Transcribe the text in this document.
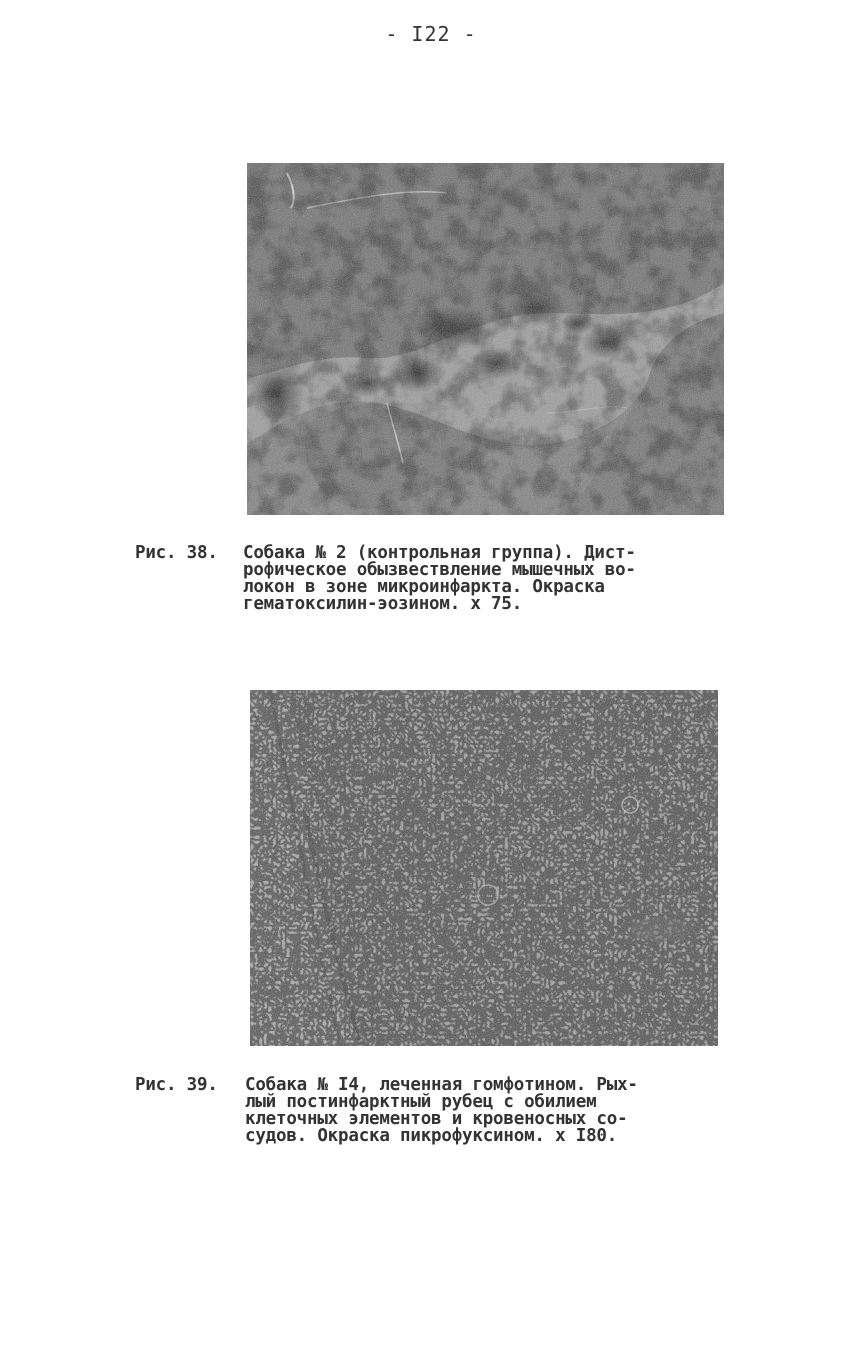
- I22 -
Рис. 38. Собака № 2 (контрольная группа). Дист-
рофическое обызвествление мышечных во-
локон в зоне микроинфаркта. Окраска
гематоксилин-эозином. х 75.
Рис. 39. Собака № I4, леченная гомфотином. Рых-
лый постинфарктный рубец с обилием
клеточных элементов и кровеносных со-
судов. Окраска пикрофуксином. х I80.
